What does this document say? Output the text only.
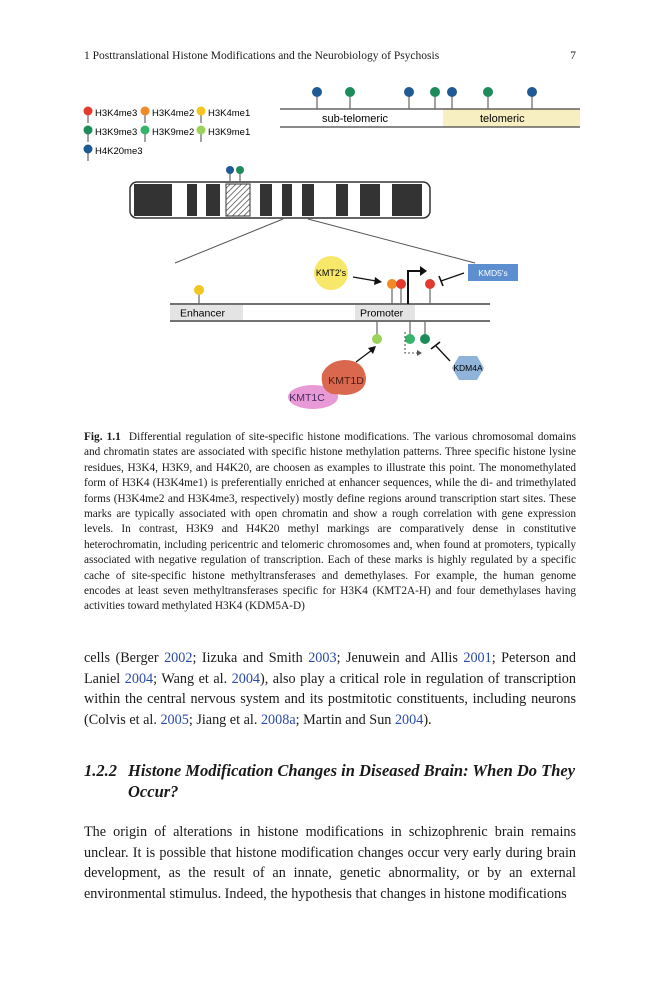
1 Posttranslational Histone Modifications and the Neurobiology of Psychosis	7
H3K4me3 H3K4me2 H3K4me1
H3K9me3 H3K9me2 H3K9me1
H4K20me3
sub-telomeric	telomeric
Enhancer	Promoter
KMT2's	KMD5's
KDM4A
KMT1C
KMT1D
Fig. 1.1 Differential regulation of site-specific histone modifications. The various chromosomal domains and chromatin states are associated with specific histone methylation patterns. Three specific histone lysine residues, H3K4, H3K9, and H4K20, are choosen as examples to illustrate this point. The monomethylated form of H3K4 (H3K4me1) is preferentially enriched at enhancer sequences, while the di- and trimethylated forms (H3K4me2 and H3K4me3, respectively) mostly define regions around transcription start sites. These marks are typically associated with open chromatin and show a rough correlation with gene expression levels. In contrast, H3K9 and H4K20 methyl markings are comparatively dense in constitutive heterochromatin, including pericentric and telomeric chromosomes and, when found at promoters, typically associated with negative regulation of transcription. Each of these marks is highly regulated by a specific cache of site-specific histone methyltransferases and demethylases. For example, the human genome encodes at least seven methyltransferases specific for H3K4 (KMT2A-H) and four demethylases having activities toward methylated H3K4 (KDM5A-D)
cells (Berger 2002; Iizuka and Smith 2003; Jenuwein and Allis 2001; Peterson and Laniel 2004; Wang et al. 2004), also play a critical role in regulation of transcription within the central nervous system and its postmitotic constituents, including neurons (Colvis et al. 2005; Jiang et al. 2008a; Martin and Sun 2004).
1.2.2 Histone Modification Changes in Diseased Brain: When Do They Occur?
The origin of alterations in histone modifications in schizophrenic brain remains unclear. It is possible that histone modification changes occur very early during brain development, as the result of an innate, genetic abnormality, or by an external environmental stimulus. Indeed, the hypothesis that changes in histone modifications
